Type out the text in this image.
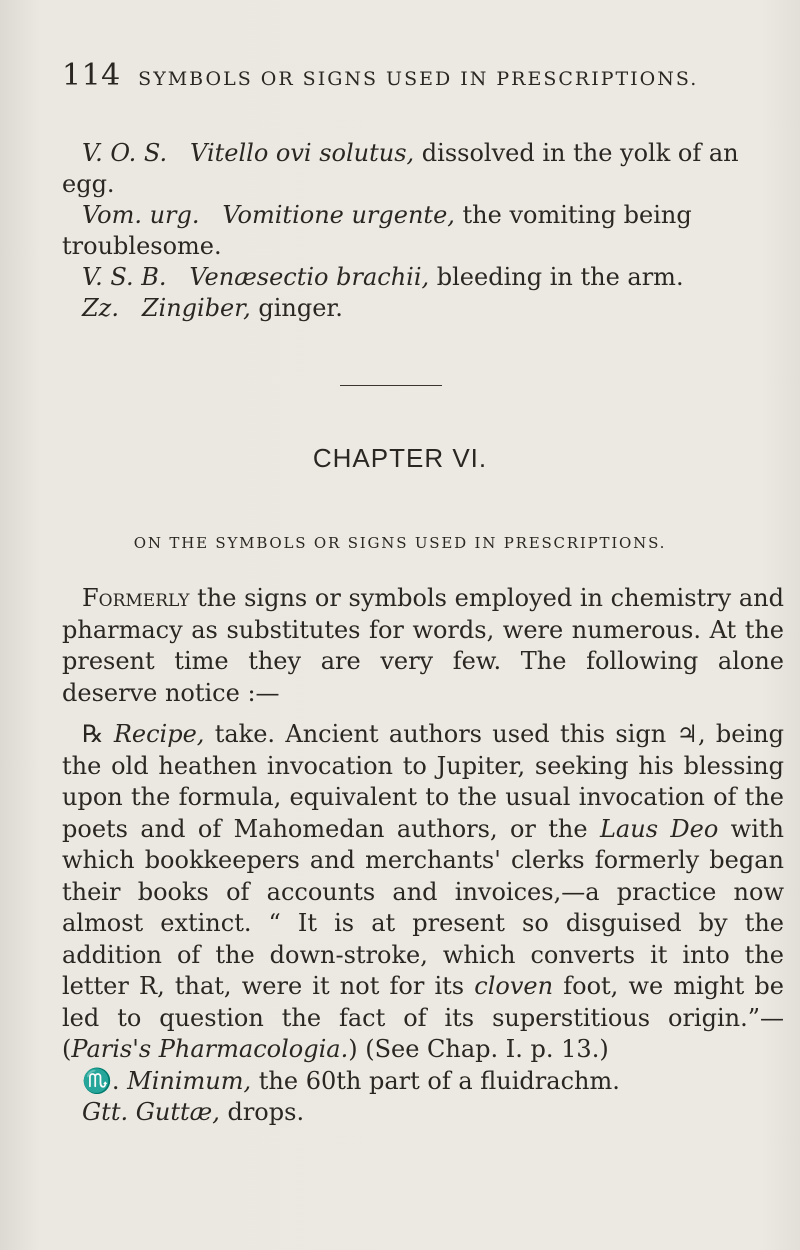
114 SYMBOLS OR SIGNS USED IN PRESCRIPTIONS.

V. O. S. Vitello ovi solutus, dissolved in the yolk of an egg.

Vom. urg. Vomitione urgente, the vomiting being troublesome.

V. S. B. Venæsectio brachii, bleeding in the arm.

Zz. Zingiber, ginger.

CHAPTER VI.
ON THE SYMBOLS OR SIGNS USED IN PRESCRIPTIONS.

Formerly the signs or symbols employed in chemistry and pharmacy as substitutes for words, were numerous. At the present time they are very few. The following alone deserve notice :—

℞ Recipe, take. Ancient authors used this sign ♃, being the old heathen invocation to Jupiter, seeking his blessing upon the formula, equivalent to the usual invocation of the poets and of Mahomedan authors, or the Laus Deo with which bookkeepers and merchants' clerks formerly began their books of accounts and invoices,—a practice now almost extinct. “ It is at present so disguised by the addition of the down-stroke, which converts it into the letter R, that, were it not for its cloven foot, we might be led to question the fact of its superstitious origin.”—(Paris's Pharmacologia.) (See Chap. I. p. 13.)

♏. Minimum, the 60th part of a fluidrachm.

Gtt. Guttæ, drops.
